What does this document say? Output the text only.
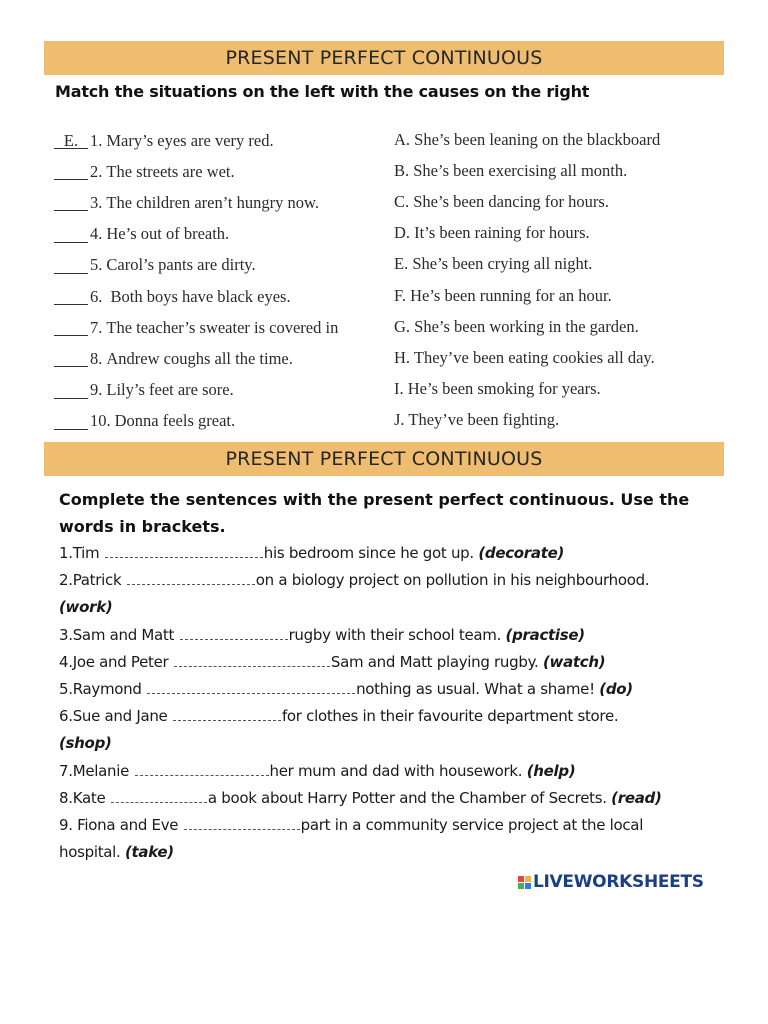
PRESENT PERFECT CONTINUOUS
Match the situations on the left with the causes on the right
E. 1. Mary’s eyes are very red.
2. The streets are wet.
3. The children aren’t hungry now.
4. He’s out of breath.
5. Carol’s pants are dirty.
6. Both boys have black eyes.
7. The teacher’s sweater is covered in
8. Andrew coughs all the time.
9. Lily’s feet are sore.
10. Donna feels great.
A. She’s been leaning on the blackboard
B. She’s been exercising all month.
C. She’s been dancing for hours.
D. It’s been raining for hours.
E. She’s been crying all night.
F. He’s been running for an hour.
G. She’s been working in the garden.
H. They’ve been eating cookies all day.
I. He’s been smoking for years.
J. They’ve been fighting.
PRESENT PERFECT CONTINUOUS
Complete the sentences with the present perfect continuous. Use the words in brackets.
1.Tim	his bedroom since he got up. (decorate)
2.Patrick	on a biology project on pollution in his neighbourhood.
(work)
3.Sam and Matt	rugby with their school team. (practise)
4.Joe and Peter	Sam and Matt playing rugby. (watch)
5.Raymond	nothing as usual. What a shame! (do)
6.Sue and Jane	for clothes in their favourite department store.
(shop)
7.Melanie	her mum and dad with housework. (help)
8.Kate	a book about Harry Potter and the Chamber of Secrets. (read)
9. Fiona and Eve	part in a community service project at the local
hospital. (take)
LIVEWORKSHEETS
